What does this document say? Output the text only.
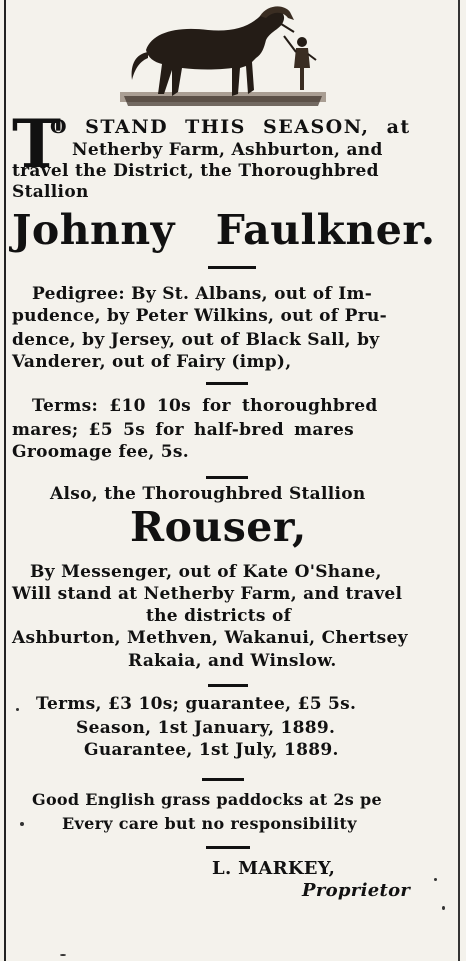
T
O STAND THIS SEASON, at
Netherby Farm, Ashburton, and
travel the District, the Thoroughbred
Stallion
Johnny Faulkner.
Pedigree: By St. Albans, out of Im-
pudence, by Peter Wilkins, out of Pru-
dence, by Jersey, out of Black Sall, by
Vanderer, out of Fairy (imp),
Terms: £10 10s for thoroughbred
mares; £5 5s for half-bred mares
Groomage fee, 5s.
Also, the Thoroughbred Stallion
Rouser,
By Messenger, out of Kate O'Shane,
Will stand at Netherby Farm, and travel
the districts of
Ashburton, Methven, Wakanui, Chertsey
Rakaia, and Winslow.
Terms, £3 10s; guarantee, £5 5s.
Season, 1st January, 1889.
Guarantee, 1st July, 1889.
Good English grass paddocks at 2s pe
Every care but no responsibility
L. MARKEY,
Proprietor
